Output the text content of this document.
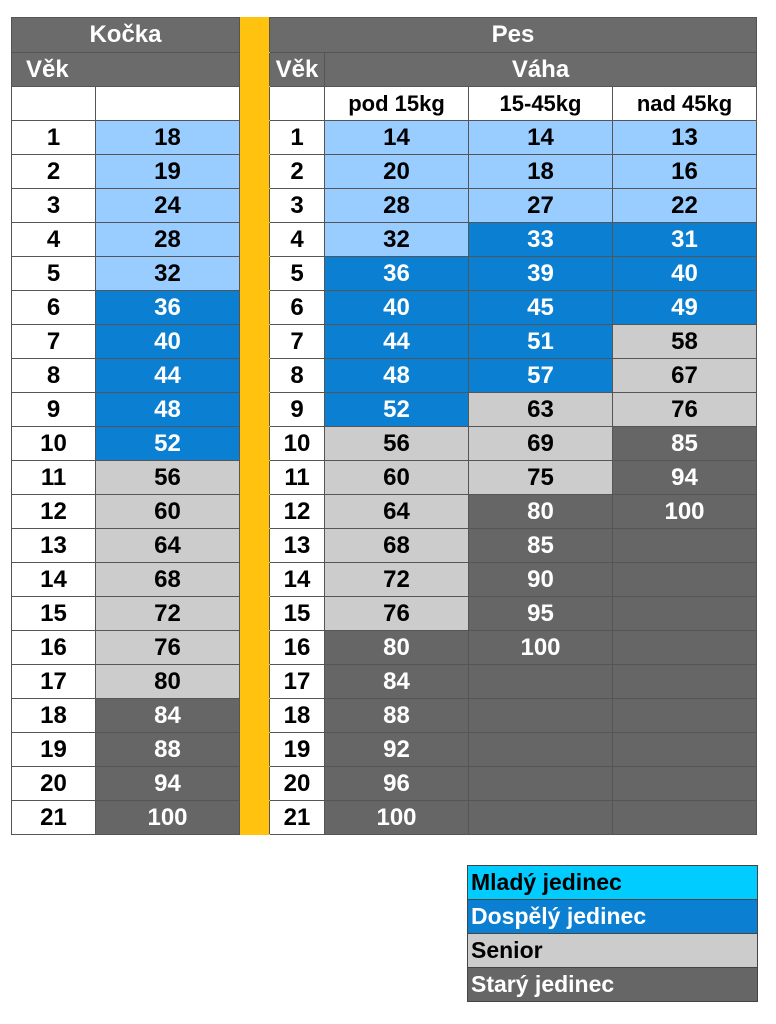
Kočka			Pes			
Věk			Věk	Váha		
				pod 15kg	15-45kg	nad 45kg
1	18		1	14	14	13
2	19		2	20	18	16
3	24		3	28	27	22
4	28		4	32	33	31
5	32		5	36	39	40
6	36		6	40	45	49
7	40		7	44	51	58
8	44		8	48	57	67
9	48		9	52	63	76
10	52		10	56	69	85
11	56		11	60	75	94
12	60		12	64	80	100
13	64		13	68	85	
14	68		14	72	90	
15	72		15	76	95	
16	76		16	80	100	
17	80		17	84		
18	84		18	88		
19	88		19	92		
20	94		20	96		
21	100		21	100		
Mladý jedinec
Dospělý jedinec
Senior
Starý jedinec
